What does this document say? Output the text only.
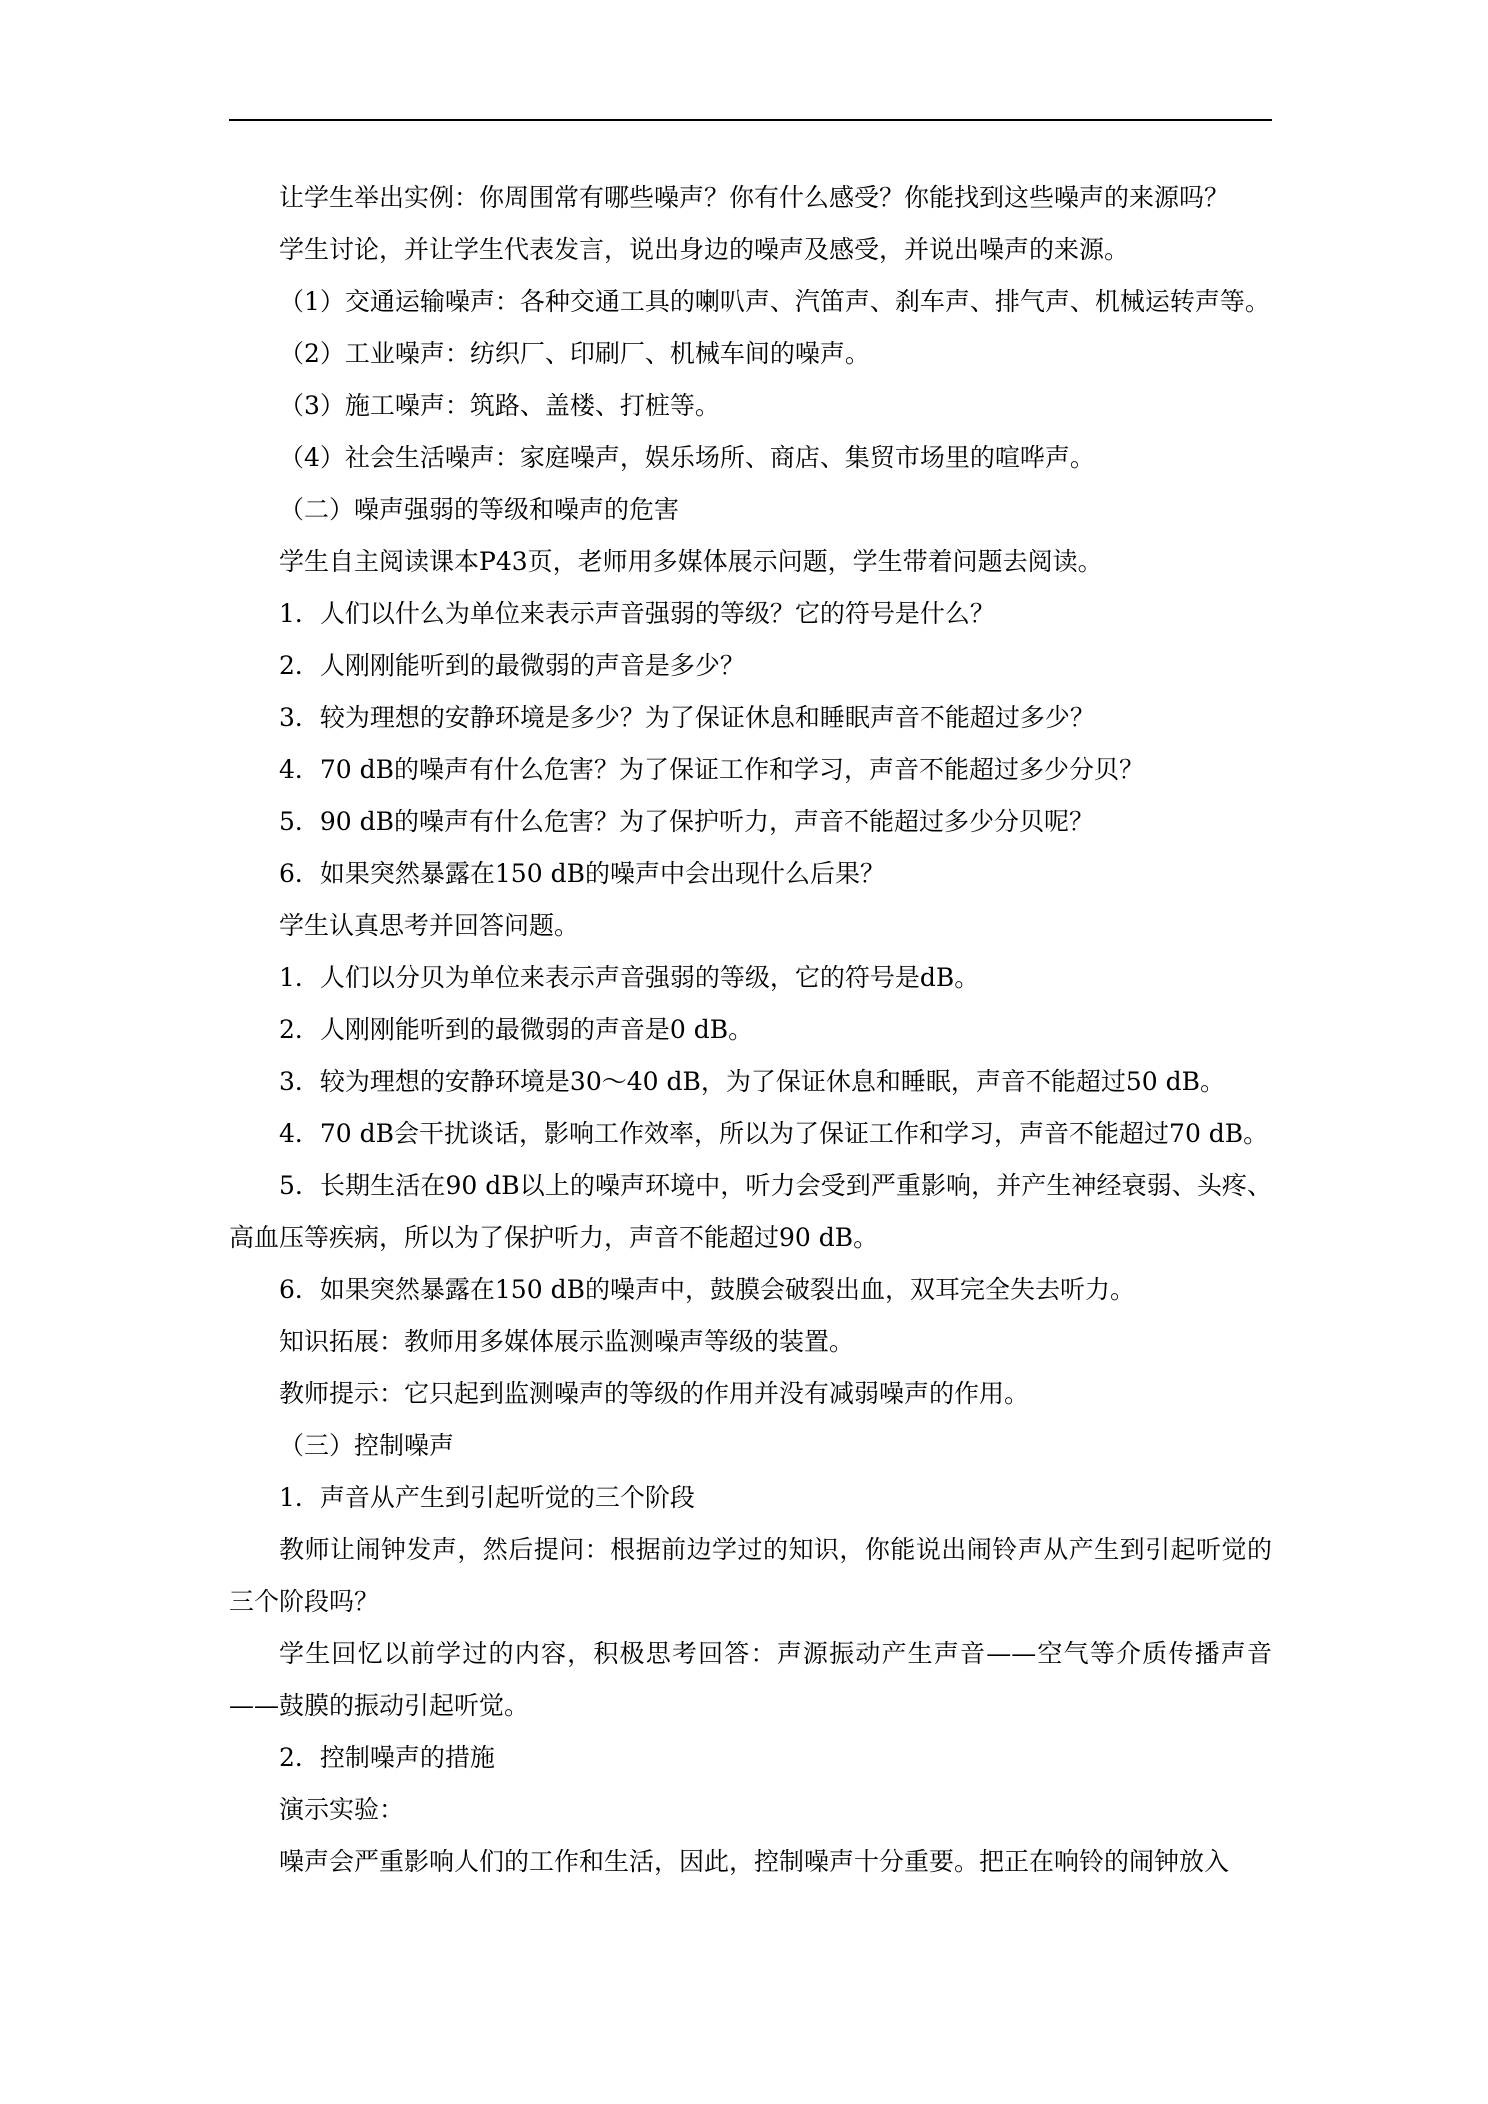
让学生举出实例：你周围常有哪些噪声？你有什么感受？你能找到这些噪声的来源吗？

学生讨论，并让学生代表发言，说出身边的噪声及感受，并说出噪声的来源。

（1）交通运输噪声：各种交通工具的喇叭声、汽笛声、刹车声、排气声、机械运转声等。

（2）工业噪声：纺织厂、印刷厂、机械车间的噪声。

（3）施工噪声：筑路、盖楼、打桩等。

（4）社会生活噪声：家庭噪声，娱乐场所、商店、集贸市场里的喧哗声。

（二）噪声强弱的等级和噪声的危害

学生自主阅读课本P43页，老师用多媒体展示问题，学生带着问题去阅读。

1．人们以什么为单位来表示声音强弱的等级？它的符号是什么？

2．人刚刚能听到的最微弱的声音是多少？

3．较为理想的安静环境是多少？为了保证休息和睡眠声音不能超过多少？

4．70 dB的噪声有什么危害？为了保证工作和学习，声音不能超过多少分贝？

5．90 dB的噪声有什么危害？为了保护听力，声音不能超过多少分贝呢？

6．如果突然暴露在150 dB的噪声中会出现什么后果？

学生认真思考并回答问题。

1．人们以分贝为单位来表示声音强弱的等级，它的符号是dB。

2．人刚刚能听到的最微弱的声音是0 dB。

3．较为理想的安静环境是30～40 dB，为了保证休息和睡眠，声音不能超过50 dB。

4．70 dB会干扰谈话，影响工作效率，所以为了保证工作和学习，声音不能超过70 dB。

5．长期生活在90 dB以上的噪声环境中，听力会受到严重影响，并产生神经衰弱、头疼、高血压等疾病，所以为了保护听力，声音不能超过90 dB。

6．如果突然暴露在150 dB的噪声中，鼓膜会破裂出血，双耳完全失去听力。

知识拓展：教师用多媒体展示监测噪声等级的装置。

教师提示：它只起到监测噪声的等级的作用并没有减弱噪声的作用。

（三）控制噪声

1．声音从产生到引起听觉的三个阶段

教师让闹钟发声，然后提问：根据前边学过的知识，你能说出闹铃声从产生到引起听觉的三个阶段吗？

学生回忆以前学过的内容，积极思考回答：声源振动产生声音——空气等介质传播声音——鼓膜的振动引起听觉。

2．控制噪声的措施

演示实验：

噪声会严重影响人们的工作和生活，因此，控制噪声十分重要。把正在响铃的闹钟放入
